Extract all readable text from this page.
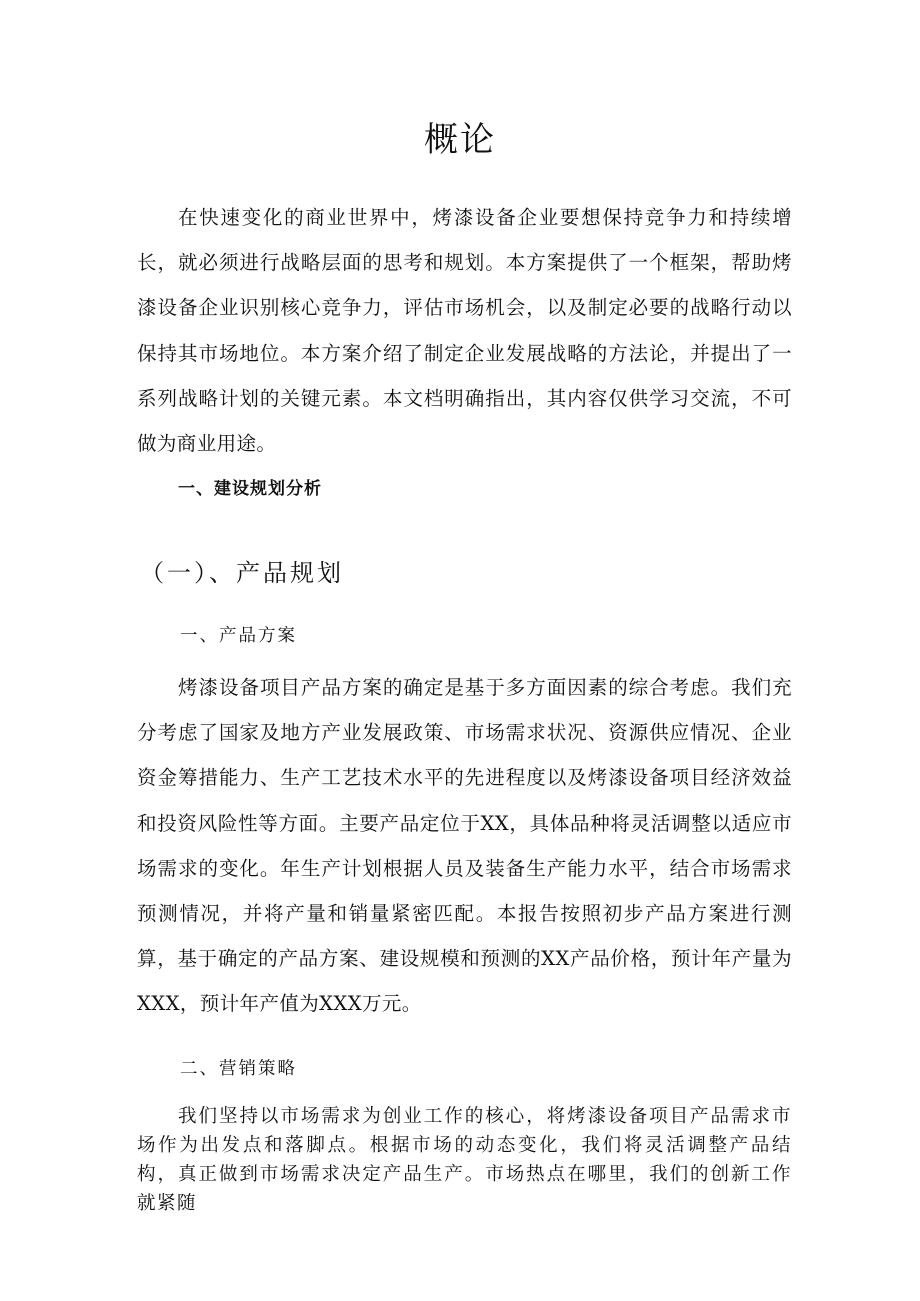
概论
在快速变化的商业世界中，烤漆设备企业要想保持竞争力和持续增长，就必须进行战略层面的思考和规划。本方案提供了一个框架，帮助烤漆设备企业识别核心竞争力，评估市场机会，以及制定必要的战略行动以保持其市场地位。本方案介绍了制定企业发展战略的方法论，并提出了一系列战略计划的关键元素。本文档明确指出，其内容仅供学习交流，不可做为商业用途。
一、建设规划分析
（一）、产品规划
一、产品方案
烤漆设备项目产品方案的确定是基于多方面因素的综合考虑。我们充分考虑了国家及地方产业发展政策、市场需求状况、资源供应情况、企业资金筹措能力、生产工艺技术水平的先进程度以及烤漆设备项目经济效益和投资风险性等方面。主要产品定位于XX，具体品种将灵活调整以适应市场需求的变化。年生产计划根据人员及装备生产能力水平，结合市场需求预测情况，并将产量和销量紧密匹配。本报告按照初步产品方案进行测算，基于确定的产品方案、建设规模和预测的XX产品价格，预计年产量为XXX，预计年产值为XXX万元。
二、营销策略
我们坚持以市场需求为创业工作的核心，将烤漆设备项目产品需求市场作为出发点和落脚点。根据市场的动态变化，我们将灵活调整产品结构，真正做到市场需求决定产品生产。市场热点在哪里，我们的创新工作就紧随
